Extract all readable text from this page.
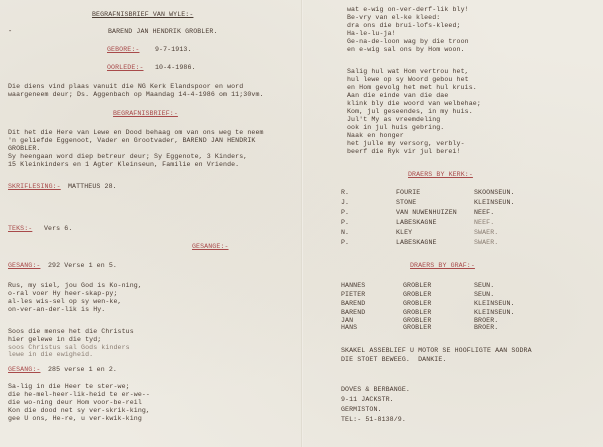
-
BEGRAFNISBRIEF VAN WYLE:-
BAREND JAN HENDRIK GROBLER.
GEBORE:- 9-7-1913.
OORLEDE:- 10-4-1986.
Die diens vind plaas vanuit die NG Kerk Elandspoor en word
waargeneem deur; Ds. Aggenbach op Maandag 14-4-1986 om 11;30vm.
BEGRAFNISBRIEF:-
Dit het die Here van Lewe en Dood behaag om van ons weg te neem
'n geliefde Eggenoot, Vader en Grootvader, BAREND JAN HENDRIK
GROBLER.
Sy heengaan word diep betreur deur; Sy Eggenote, 3 Kinders,
15 Kleinkinders en 1 Agter Kleinseun, Familie en Vriende.
SKRIFLESING:- MATTHEUS 28.
TEKS:- Vers 6.
GESANGE:-
GESANG:- 292 Verse 1 en 5.
Rus, my siel, jou God is Ko-ning,
o-ral voer Hy heer-skap-py;
al-les wis-sel op sy wen-ke,
on-ver-an-der-lik is Hy.
Soos die mense het die Christus
hier gelewe in die tyd;
soos Christus sal Gods kinders
lewe in die ewigheid.
GESANG:- 285 verse 1 en 2.
Sa-lig in die Heer te ster-we;
die he-mel-heer-lik-heid te er-we--
die wo-ning deur Hom voor-be-reil
Kon die dood net sy ver-skrik-king,
gee U ons, He-re, u ver-kwik-king
wat e-wig on-ver-derf-lik bly!
Be-vry van el-ke kleed:
dra ons die brui-lofs-kleed;
Ha-le-lu-ja!
Ge-na-de-loon wag by die troon
en e-wig sal ons by Hom woon.
Salig hul wat Hom vertrou het,
hul lewe op sy Woord gebou het
en Hom gevolg het met hul kruis.
Aan die einde van die dae
klink bly die woord van welbehae;
Kom, jul geseendes, in my huis.
Jul't My as vreemdeling
ook in jul huis gebring.
Naak en honger
het julle my versorg, verbly-
beerf die Ryk vir jul berei!
DRAERS BY KERK:-
R.	FOURIE	SKOONSEUN.
J.	STONE	KLEINSEUN.
P.	VAN NUWENHUIZEN	NEEF.
P.	LABESKAGNE	NEEF.
N.	KLEY	SWAER.
P.	LABESKAGNE	SWAER.
DRAERS BY GRAF:-
HANNES	GROBLER	SEUN.
PIETER	GROBLER	SEUN.
BAREND	GROBLER	KLEINSEUN.
BAREND	GROBLER	KLEINSEUN.
JAN	GROBLER	BROER.
HANS	GROBLER	BROER.
SKAKEL ASSEBLIEF U MOTOR SE HOOFLIGTE AAN SODRA
DIE STOET BEWEEG.  DANKIE.
DOVES & BERBANGE.
9-11 JACKSTR.
GERMISTON.
TEL:- 51-8138/9.
